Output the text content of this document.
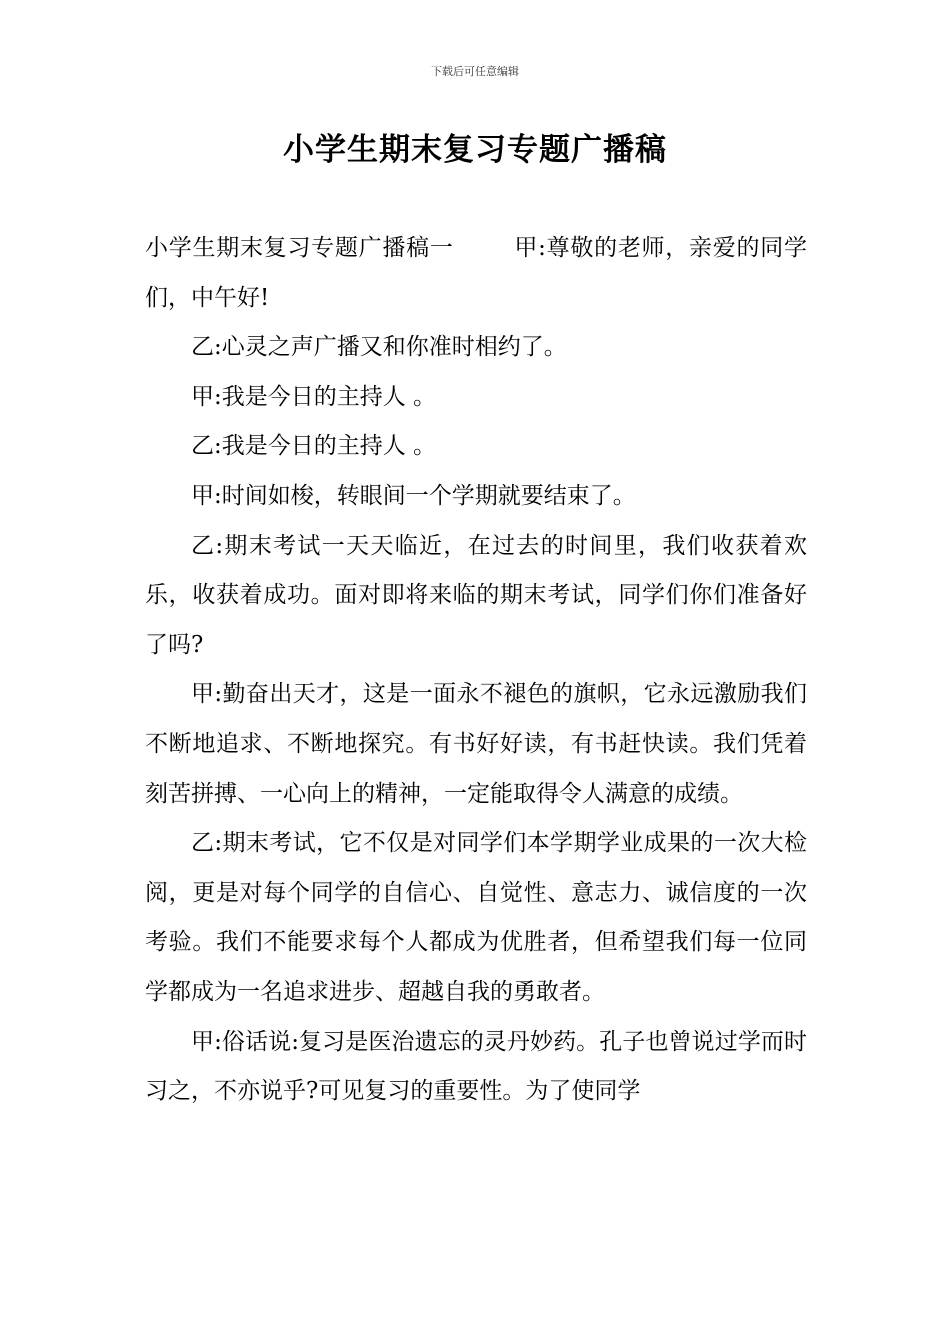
下载后可任意编辑
小学生期末复习专题广播稿

小学生期末复习专题广播稿一	甲:尊敬的老师，亲爱的同学们，中午好!

乙:心灵之声广播又和你准时相约了。

甲:我是今日的主持人 。

乙:我是今日的主持人 。

甲:时间如梭，转眼间一个学期就要结束了。

乙:期末考试一天天临近，在过去的时间里，我们收获着欢乐，收获着成功。面对即将来临的期末考试，同学们你们准备好了吗?

甲:勤奋出天才，这是一面永不褪色的旗帜，它永远激励我们不断地追求、不断地探究。有书好好读，有书赶快读。我们凭着刻苦拼搏、一心向上的精神，一定能取得令人满意的成绩。

乙:期末考试，它不仅是对同学们本学期学业成果的一次大检阅，更是对每个同学的自信心、自觉性、意志力、诚信度的一次考验。我们不能要求每个人都成为优胜者，但希望我们每一位同学都成为一名追求进步、超越自我的勇敢者。

甲:俗话说:复习是医治遗忘的灵丹妙药。孔子也曾说过学而时习之，不亦说乎?可见复习的重要性。为了使同学
